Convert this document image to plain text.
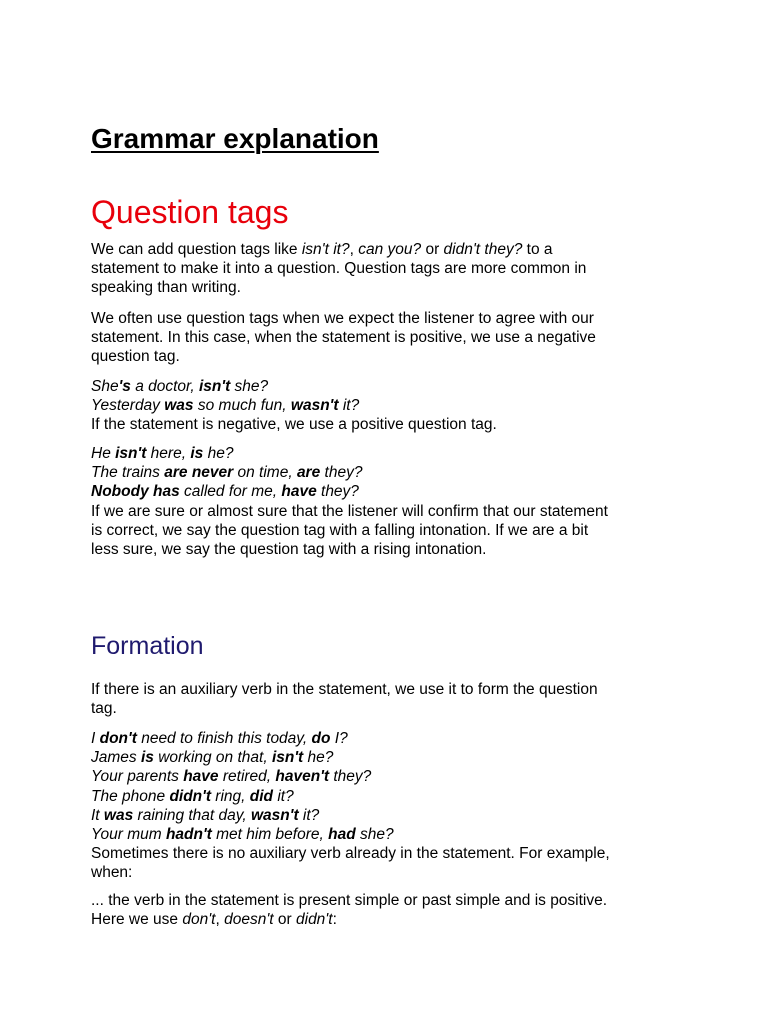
Grammar explanation
Question tags

We can add question tags like isn't it?, can you? or didn't they? to a
statement to make it into a question. Question tags are more common in
speaking than writing.

We often use question tags when we expect the listener to agree with our
statement. In this case, when the statement is positive, we use a negative
question tag.

She's a doctor, isn't she?
Yesterday was so much fun, wasn't it?
If the statement is negative, we use a positive question tag.

He isn't here, is he?
The trains are never on time, are they?
Nobody has called for me, have they?
If we are sure or almost sure that the listener will confirm that our statement
is correct, we say the question tag with a falling intonation. If we are a bit
less sure, we say the question tag with a rising intonation.

Formation

If there is an auxiliary verb in the statement, we use it to form the question
tag.

I don't need to finish this today, do I?
James is working on that, isn't he?
Your parents have retired, haven't they?
The phone didn't ring, did it?
It was raining that day, wasn't it?
Your mum hadn't met him before, had she?
Sometimes there is no auxiliary verb already in the statement. For example,
when:

... the verb in the statement is present simple or past simple and is positive.
Here we use don't, doesn't or didn't:
